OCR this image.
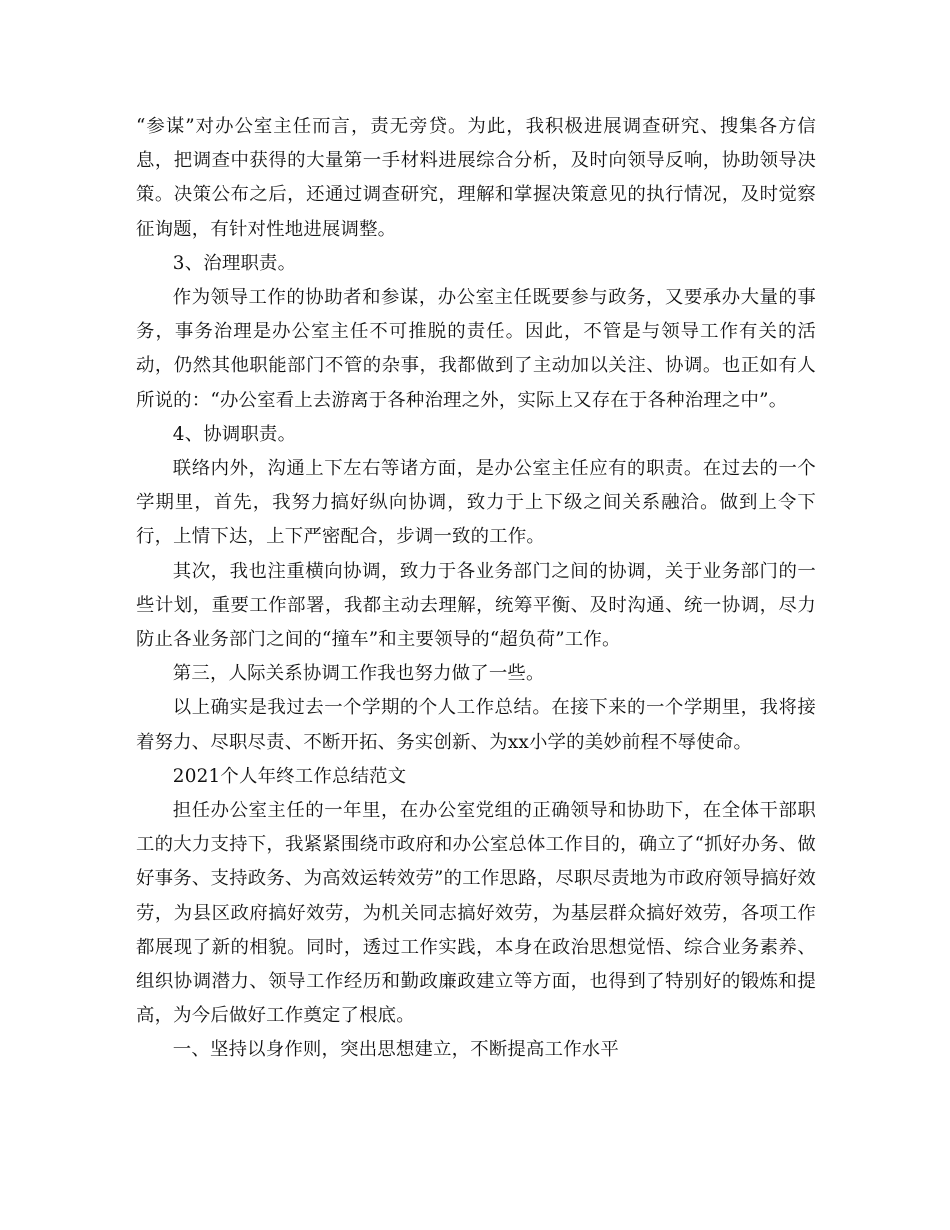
“参谋”对办公室主任而言，责无旁贷。为此，我积极进展调查研究、搜集各方信息，把调查中获得的大量第一手材料进展综合分析，及时向领导反响，协助领导决策。决策公布之后，还通过调查研究，理解和掌握决策意见的执行情况，及时觉察征询题，有针对性地进展调整。

3、治理职责。

作为领导工作的协助者和参谋，办公室主任既要参与政务，又要承办大量的事务，事务治理是办公室主任不可推脱的责任。因此，不管是与领导工作有关的活动，仍然其他职能部门不管的杂事，我都做到了主动加以关注、协调。也正如有人所说的：“办公室看上去游离于各种治理之外，实际上又存在于各种治理之中”。

4、协调职责。

联络内外，沟通上下左右等诸方面，是办公室主任应有的职责。在过去的一个学期里，首先，我努力搞好纵向协调，致力于上下级之间关系融洽。做到上令下行，上情下达，上下严密配合，步调一致的工作。

其次，我也注重横向协调，致力于各业务部门之间的协调，关于业务部门的一些计划，重要工作部署，我都主动去理解，统筹平衡、及时沟通、统一协调，尽力防止各业务部门之间的“撞车”和主要领导的“超负荷”工作。

第三，人际关系协调工作我也努力做了一些。

以上确实是我过去一个学期的个人工作总结。在接下来的一个学期里，我将接着努力、尽职尽责、不断开拓、务实创新、为xx小学的美妙前程不辱使命。

2021个人年终工作总结范文

担任办公室主任的一年里，在办公室党组的正确领导和协助下，在全体干部职工的大力支持下，我紧紧围绕市政府和办公室总体工作目的，确立了“抓好办务、做好事务、支持政务、为高效运转效劳”的工作思路，尽职尽责地为市政府领导搞好效劳，为县区政府搞好效劳，为机关同志搞好效劳，为基层群众搞好效劳，各项工作都展现了新的相貌。同时，透过工作实践，本身在政治思想觉悟、综合业务素养、组织协调潜力、领导工作经历和勤政廉政建立等方面，也得到了特别好的锻炼和提高，为今后做好工作奠定了根底。

一、坚持以身作则，突出思想建立，不断提高工作水平
